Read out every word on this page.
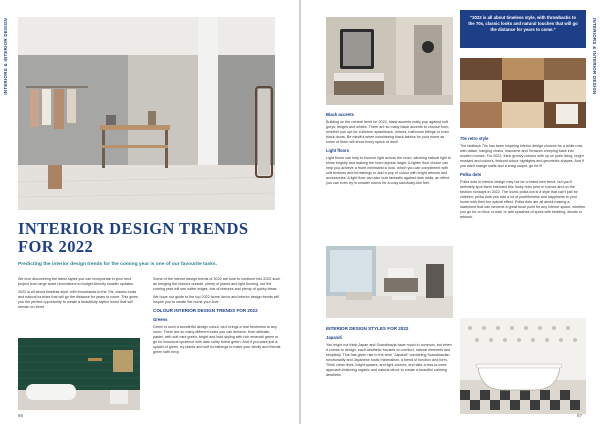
INTERIORS & INTERIOR DESIGN
INTERIOR DESIGN TRENDS
FOR 2022
Predicting the interior design trends for the coming year is one of our favourite tasks.

We love discovering the latest styles you can incorporate in your next project from large scale renovations to budget-friendly smaller updates.

2022 is all about timeless style, with throwbacks to the 70s, classic looks and natural touches that will go the distance for years to come. This gives you the perfect opportunity to create a beautifully stylish home that will remain on-trend

Some of the interior design trends of 2022 are sure to continue into 2022 such as bringing the indoors outside, plenty of plants and light flooring, but the coming year will see softer edges, lots of textures and plenty of quirky ideas.

We hope our guide to the top 2022 home decor and interior design trends will inspire you to create the home your love.

COLOUR INTERIOR DESIGN TRENDS FOR 2022
Greens

Green is such a wonderful design colour, as it brings a real freshness to any room. There are so many different looks you can achieve, from delicate, pastel, with soft mint green, bright and bold styling with rich emerald green or go for luxurious opulence with dark sultry forest green. And if you want just a splash of green, try plants and soft furnishings to make your family and friends green with envy.

66
INTERIORS & INTERIOR DESIGN
Black accents

Building on the neutral trend for 2022, black accents really pop against soft greys, beiges and whites. There are so many black accents to choose from, whether you opt for a kitchen splashback, mirrors, bathroom fittings or even black doors. Be mindful when considering black fabrics for your home as some of them will show every speck of dust!

Light floors

Light floors can help to bounce light across the room, allowing natural light to shine brightly and making the room appear larger. A lighter floor choice can help you achieve a more minimalist ic look, which you can compliment with soft textures and furnishings or add a pop of colour with bright artwork and accessories. A light floor can also look fantastic against dark walls, an effect you can even try in smaller rooms for a cosy sanctuary-like feel.

INTERIOR DESIGN STYLES FOR 2022
Japandi

You might not think Japan and Scandinavia have much in common, but when it comes to design, each aesthetic focuses on comfort, natural elements and simplicity. This has given rise to the term "Japandi" combining Scandinavian functionality and Japanese rustic minimalism, a blend of function and form. Think clean lines, bright spaces, and light colours, and take a less-is-more approach featuring organic and natural décor to create a beautiful calming aesthetic.

"2022 is all about timeless style, with throwbacks to the 70s, classic looks and natural touches that will go the distance for years to come."
70s retro style

The laidback 70s has been inspiring interior design choices for a while now, with rattan, hanging chairs, macramé and Terrazzo creeping back into modern homes. For 2022, think groovy colours with up on plain living, bright mustard and colours, textural colour highlights and geometric shapes. And if you want orange walls and a shag carpet, go for it!

Polka dots

Polka dots in interior design may not be a brand new trend, but you'll definitely spot them intended this funky retro print in homes and on the fashion runways in 2022. The iconic polka dot is a style that can't just for children; polka dots can add a lot of youthfulness and happiness to your home with their fun optical effect. Polka dots are all about making a statement that can become a great focal point for any interior space, whether you go for on floor or wall, or add splashes of spots with bedding, decals or artwork.

67
